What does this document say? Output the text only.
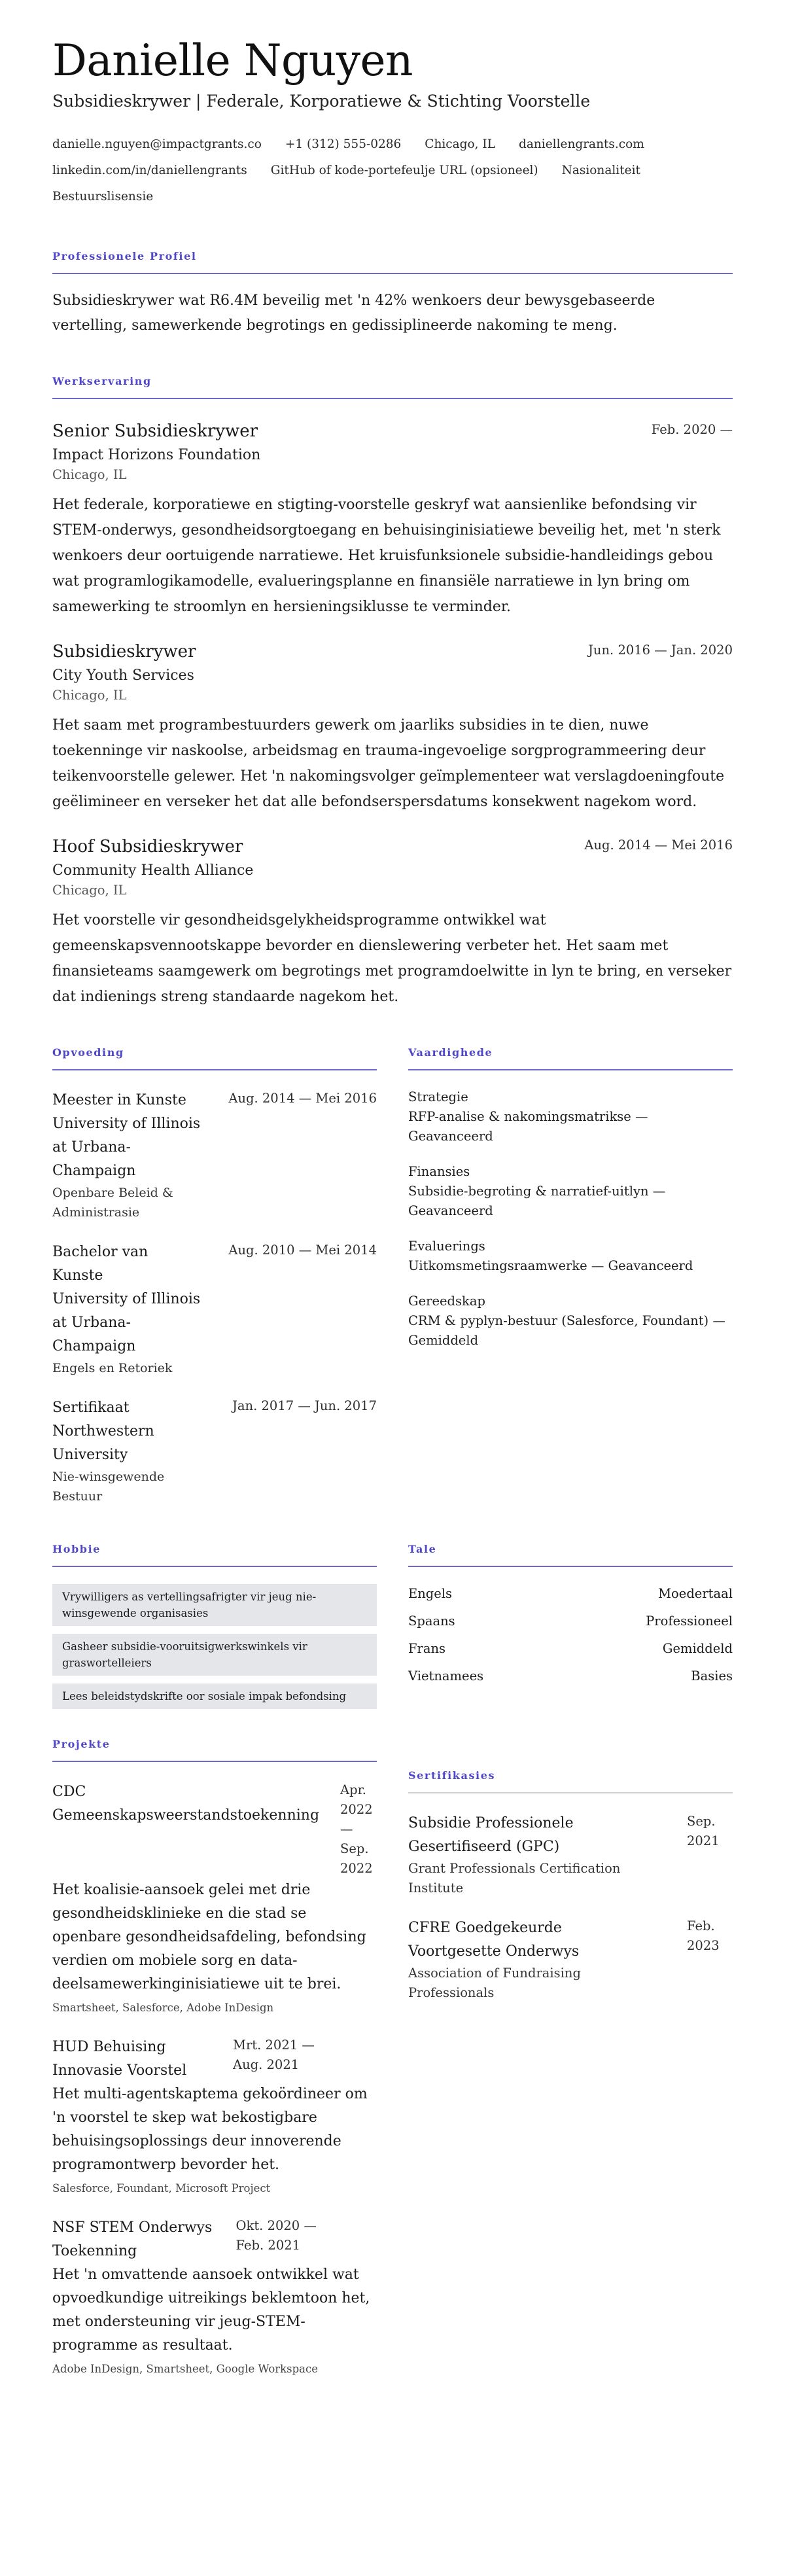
Danielle Nguyen
Subsidieskrywer | Federale, Korporatiewe & Stichting Voorstelle
danielle.nguyen@impactgrants.co +1 (312) 555-0286 Chicago, IL daniellengrants.com
linkedin.com/in/daniellengrants GitHub of kode-portefeulje URL (opsioneel) Nasionaliteit
Bestuurslisensie
Professionele Profiel

Subsidieskrywer wat R6.4M beveilig met 'n 42% wenkoers deur bewysgebaseerde vertelling, samewerkende begrotings en gedissiplineerde nakoming te meng.

Werkservaring
Senior Subsidieskrywer	Feb. 2020 —
Impact Horizons Foundation
Chicago, IL

Het federale, korporatiewe en stigting-voorstelle geskryf wat aansienlike befondsing vir STEM-onderwys, gesondheidsorgtoegang en behuisinginisiatiewe beveilig het, met 'n sterk wenkoers deur oortuigende narratiewe. Het kruisfunksionele subsidie-handleidings gebou wat programlogikamodelle, evalueringsplanne en finansiële narratiewe in lyn bring om samewerking te stroomlyn en hersieningsiklusse te verminder.

Subsidieskrywer	Jun. 2016 — Jan. 2020
City Youth Services
Chicago, IL

Het saam met programbestuurders gewerk om jaarliks subsidies in te dien, nuwe toekenninge vir naskoolse, arbeidsmag en trauma-ingevoelige sorgprogrammeering deur teikenvoorstelle gelewer. Het 'n nakomingsvolger geïmplementeer wat verslagdoeningfoute geëlimineer en verseker het dat alle befondserspersdatums konsekwent nagekom word.

Hoof Subsidieskrywer	Aug. 2014 — Mei 2016
Community Health Alliance
Chicago, IL

Het voorstelle vir gesondheidsgelykheidsprogramme ontwikkel wat gemeenskapsvennootskappe bevorder en dienslewering verbeter het. Het saam met finansieteams saamgewerk om begrotings met programdoelwitte in lyn te bring, en verseker dat indienings streng standaarde nagekom het.

Opvoeding
Meester in Kunste
University of Illinois at Urbana-Champaign
Openbare Beleid & Administrasie
Aug. 2014 — Mei 2016
Bachelor van Kunste
University of Illinois at Urbana-Champaign
Engels en Retoriek
Aug. 2010 — Mei 2014
Sertifikaat
Northwestern University
Nie-winsgewende Bestuur
Jan. 2017 — Jun. 2017
Vaardighede
Strategie
RFP-analise & nakomingsmatrikse — Geavanceerd
Finansies
Subsidie-begroting & narratief-uitlyn — Geavanceerd
Evaluerings
Uitkomsmetingsraamwerke — Geavanceerd
Gereedskap
CRM & pyplyn-bestuur (Salesforce, Foundant) — Gemiddeld
Hobbie
Vrywilligers as vertellingsafrigter vir jeug nie-winsgewende organisasies
Gasheer subsidie-vooruitsigwerkswinkels vir graswortelleiers
Lees beleidstydskrifte oor sosiale impak befondsing
Tale
Engels	Moedertaal
Spaans	Professioneel
Frans	Gemiddeld
Vietnamees	Basies
Projekte
CDC Gemeenskapsweerstandstoekenning
Apr. 2022 — Sep. 2022

Het koalisie-aansoek gelei met drie gesondheidsklinieke en die stad se openbare gesondheidsafdeling, befondsing verdien om mobiele sorg en data-deelsamewerkinginisiatiewe uit te brei.

Smartsheet, Salesforce, Adobe InDesign
HUD Behuising Innovasie Voorstel
Mrt. 2021 — Aug. 2021

Het multi-agentskaptema gekoördineer om 'n voorstel te skep wat bekostigbare behuisingsoplossings deur innoverende programontwerp bevorder het.

Salesforce, Foundant, Microsoft Project
NSF STEM Onderwys Toekenning
Okt. 2020 — Feb. 2021

Het 'n omvattende aansoek ontwikkel wat opvoedkundige uitreikings beklemtoon het, met ondersteuning vir jeug-STEM-programme as resultaat.

Adobe InDesign, Smartsheet, Google Workspace
Sertifikasies
Subsidie Professionele Gesertifiseerd (GPC)
Grant Professionals Certification Institute
Sep. 2021
CFRE Goedgekeurde Voortgesette Onderwys
Association of Fundraising Professionals
Feb. 2023
